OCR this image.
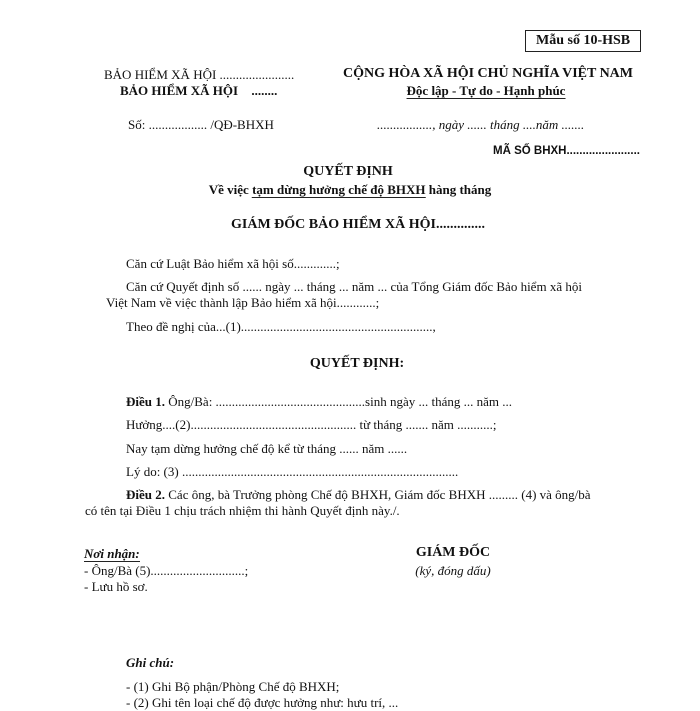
Mẫu số 10-HSB
BẢO HIỂM XÃ HỘI .......................
BẢO HIỂM XÃ HỘI ........
CỘNG HÒA XÃ HỘI CHỦ NGHĨA VIỆT NAM
Độc lập - Tự do - Hạnh phúc
Số: .................. /QĐ-BHXH	................., ngày ...... tháng ....năm .......
MÃ SỐ BHXH.......................
QUYẾT ĐỊNH
Về việc tạm dừng hưởng chế độ BHXH hàng tháng
GIÁM ĐỐC BẢO HIỂM XÃ HỘI..............
Căn cứ Luật Bảo hiểm xã hội số.............;
Căn cứ Quyết định số ...... ngày ... tháng ... năm ... của Tổng Giám đốc Bảo hiểm xã hội
Việt Nam về việc thành lập Bảo hiểm xã hội............;
Theo đề nghị của...(1)...........................................................,
QUYẾT ĐỊNH:
Điều 1. Ông/Bà: ..............................................sinh ngày ... tháng ... năm ...
Hưởng....(2)................................................... từ tháng ....... năm ...........;
Nay tạm dừng hưởng chế độ kể từ tháng ...... năm ......
Lý do: (3) .....................................................................................
Điều 2. Các ông, bà Trưởng phòng Chế độ BHXH, Giám đốc BHXH ......... (4) và ông/bà
có tên tại Điều 1 chịu trách nhiệm thi hành Quyết định này./.
Nơi nhận:
- Ông/Bà (5).............................;
- Lưu hồ sơ.
GIÁM ĐỐC
(ký, đóng dấu)
Ghi chú:
- (1) Ghi Bộ phận/Phòng Chế độ BHXH;
- (2) Ghi tên loại chế độ được hưởng như: hưu trí, ...
